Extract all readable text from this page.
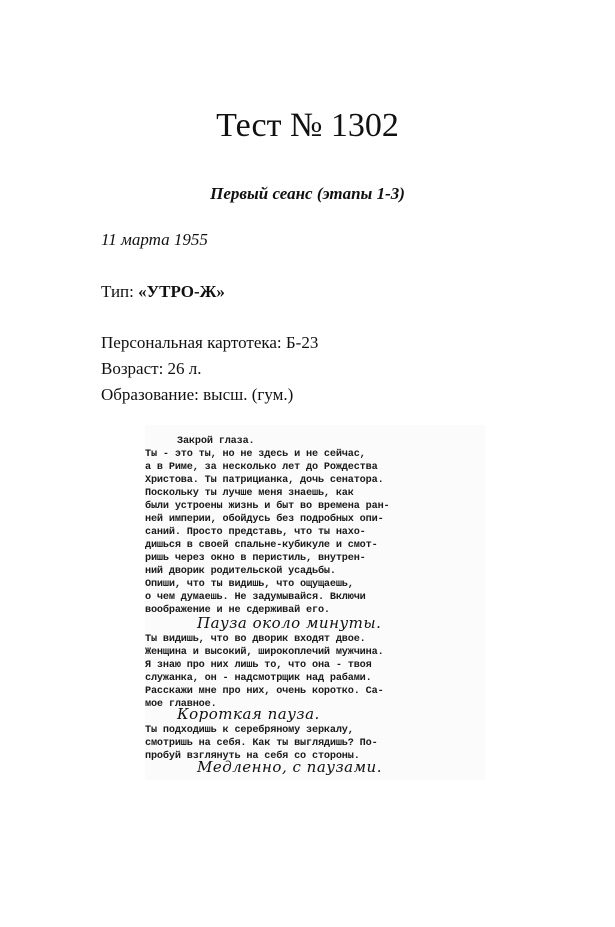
Тест № 1302
Первый сеанс (этапы 1-3)
11 марта 1955
Тип: «УТРО-Ж»
Персональная картотека: Б-23
Возраст: 26 л.
Образование: высш. (гум.)
Закрой глаза.
Ты - это ты, но не здесь и не сейчас,
а в Риме, за несколько лет до Рождества
Христова. Ты патрицианка, дочь сенатора.
Поскольку ты лучше меня знаешь, как
были устроены жизнь и быт во времена ран-
ней империи, обойдусь без подробных опи-
саний. Просто представь, что ты нахо-
дишься в своей спальне-кубикуле и смот-
ришь через окно в перистиль, внутрен-
ний дворик родительской усадьбы.
Опиши, что ты видишь, что ощущаешь,
о чем думаешь. Не задумывайся. Включи
воображение и не сдерживай его.
Пауза около минуты.
Ты видишь, что во дворик входят двое.
Женщина и высокий, широкоплечий мужчина.
Я знаю про них лишь то, что она - твоя
служанка, он - надсмотрщик над рабами.
Расскажи мне про них, очень коротко. Са-
мое главное.
Короткая пауза.
Ты подходишь к серебряному зеркалу,
смотришь на себя. Как ты выглядишь? По-
пробуй взглянуть на себя со стороны.
Медленно, с паузами.
